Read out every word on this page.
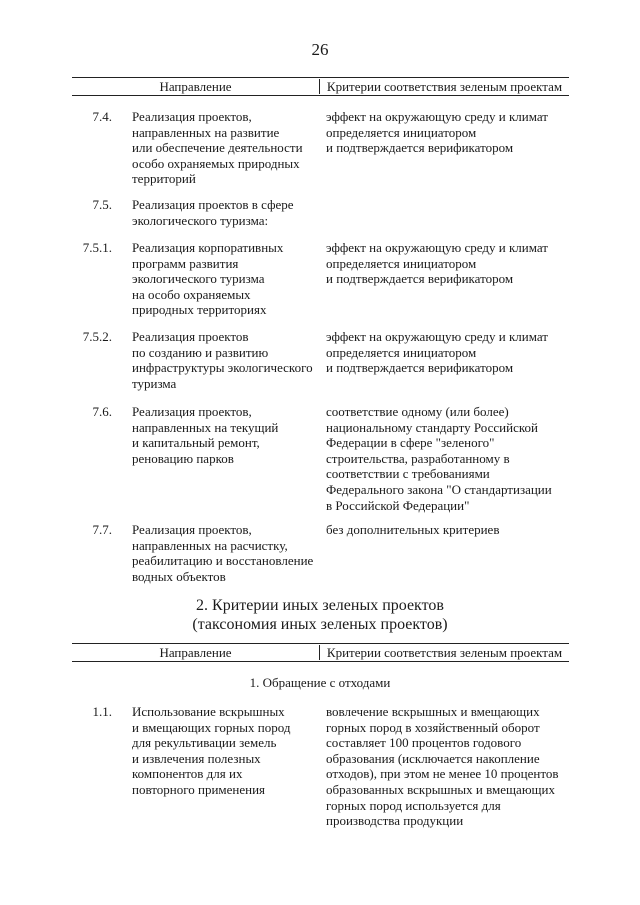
26
Направление	Критерии соответствия зеленым проектам
7.4. Реализация проектов,
направленных на развитие
или обеспечение деятельности
особо охраняемых природных
территорий
эффект на окружающую среду и климат
определяется инициатором
и подтверждается верификатором
7.5. Реализация проектов в сфере
экологического туризма:
7.5.1. Реализация корпоративных
программ развития
экологического туризма
на особо охраняемых
природных территориях
эффект на окружающую среду и климат
определяется инициатором
и подтверждается верификатором
7.5.2. Реализация проектов
по созданию и развитию
инфраструктуры экологического
туризма
эффект на окружающую среду и климат
определяется инициатором
и подтверждается верификатором
7.6. Реализация проектов,
направленных на текущий
и капитальный ремонт,
реновацию парков
соответствие одному (или более)
национальному стандарту Российской
Федерации в сфере "зеленого"
строительства, разработанному в
соответствии с требованиями
Федерального закона "О стандартизации
в Российской Федерации"
7.7. Реализация проектов,
направленных на расчистку,
реабилитацию и восстановление
водных объектов
без дополнительных критериев
2. Критерии иных зеленых проектов
(таксономия иных зеленых проектов)
Направление	Критерии соответствия зеленым проектам
1. Обращение с отходами
1.1. Использование вскрышных
и вмещающих горных пород
для рекультивации земель
и извлечения полезных
компонентов для их
повторного применения
вовлечение вскрышных и вмещающих
горных пород в хозяйственный оборот
составляет 100 процентов годового
образования (исключается накопление
отходов), при этом не менее 10 процентов
образованных вскрышных и вмещающих
горных пород используется для
производства продукции
